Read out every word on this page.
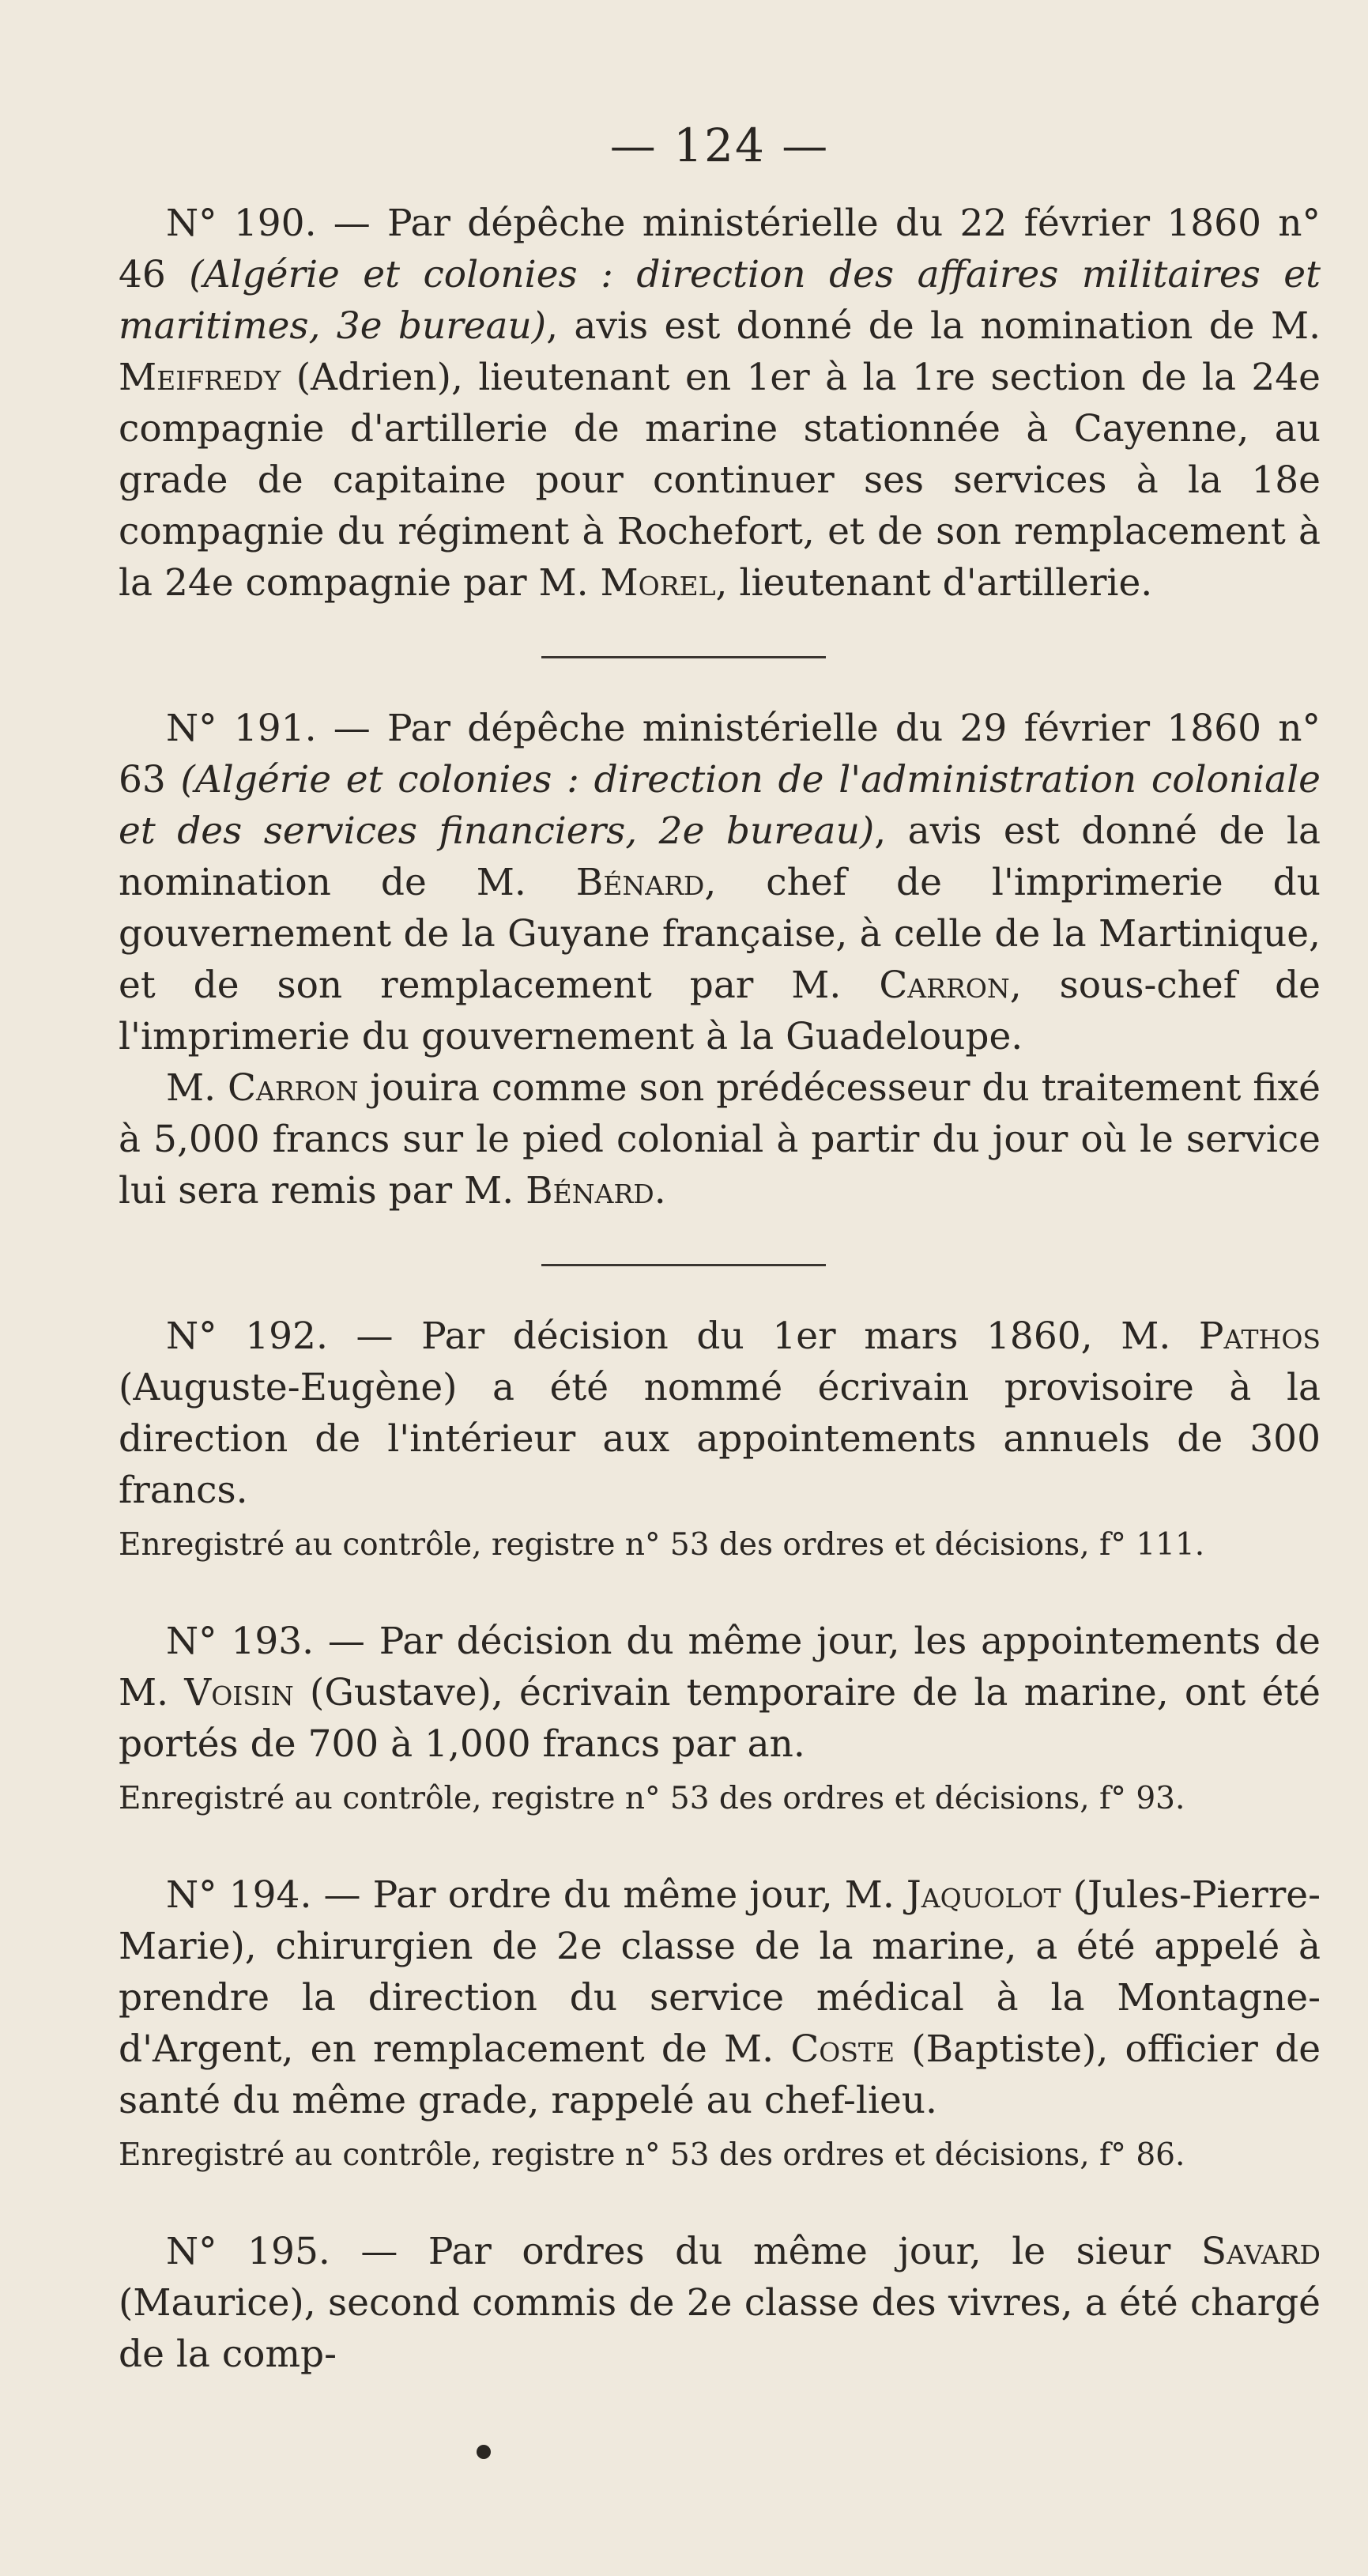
— 124 —

N° 190. — Par dépêche ministérielle du 22 février 1860 n° 46 (Algérie et colonies : direction des affaires militaires et maritimes, 3e bureau), avis est donné de la nomination de M. Meifredy (Adrien), lieutenant en 1er à la 1re section de la 24e compagnie d'artillerie de marine stationnée à Cayenne, au grade de capitaine pour continuer ses services à la 18e compagnie du régiment à Rochefort, et de son remplacement à la 24e compagnie par M. Morel, lieutenant d'artillerie.

N° 191. — Par dépêche ministérielle du 29 février 1860 n° 63 (Algérie et colonies : direction de l'administration coloniale et des services financiers, 2e bureau), avis est donné de la nomination de M. Bénard, chef de l'imprimerie du gouvernement de la Guyane française, à celle de la Martinique, et de son remplacement par M. Carron, sous-chef de l'imprimerie du gouvernement à la Guadeloupe.

M. Carron jouira comme son prédécesseur du traitement fixé à 5,000 francs sur le pied colonial à partir du jour où le service lui sera remis par M. Bénard.

N° 192. — Par décision du 1er mars 1860, M. Pathos (Auguste-Eugène) a été nommé écrivain provisoire à la direction de l'intérieur aux appointements annuels de 300 francs.

Enregistré au contrôle, registre n° 53 des ordres et décisions, f° 111.

N° 193. — Par décision du même jour, les appointements de M. Voisin (Gustave), écrivain temporaire de la marine, ont été portés de 700 à 1,000 francs par an.

Enregistré au contrôle, registre n° 53 des ordres et décisions, f° 93.

N° 194. — Par ordre du même jour, M. Jaquolot (Jules-Pierre-Marie), chirurgien de 2e classe de la marine, a été appelé à prendre la direction du service médical à la Montagne-d'Argent, en remplacement de M. Coste (Baptiste), officier de santé du même grade, rappelé au chef-lieu.

Enregistré au contrôle, registre n° 53 des ordres et décisions, f° 86.

N° 195. — Par ordres du même jour, le sieur Savard (Maurice), second commis de 2e classe des vivres, a été chargé de la comp-
